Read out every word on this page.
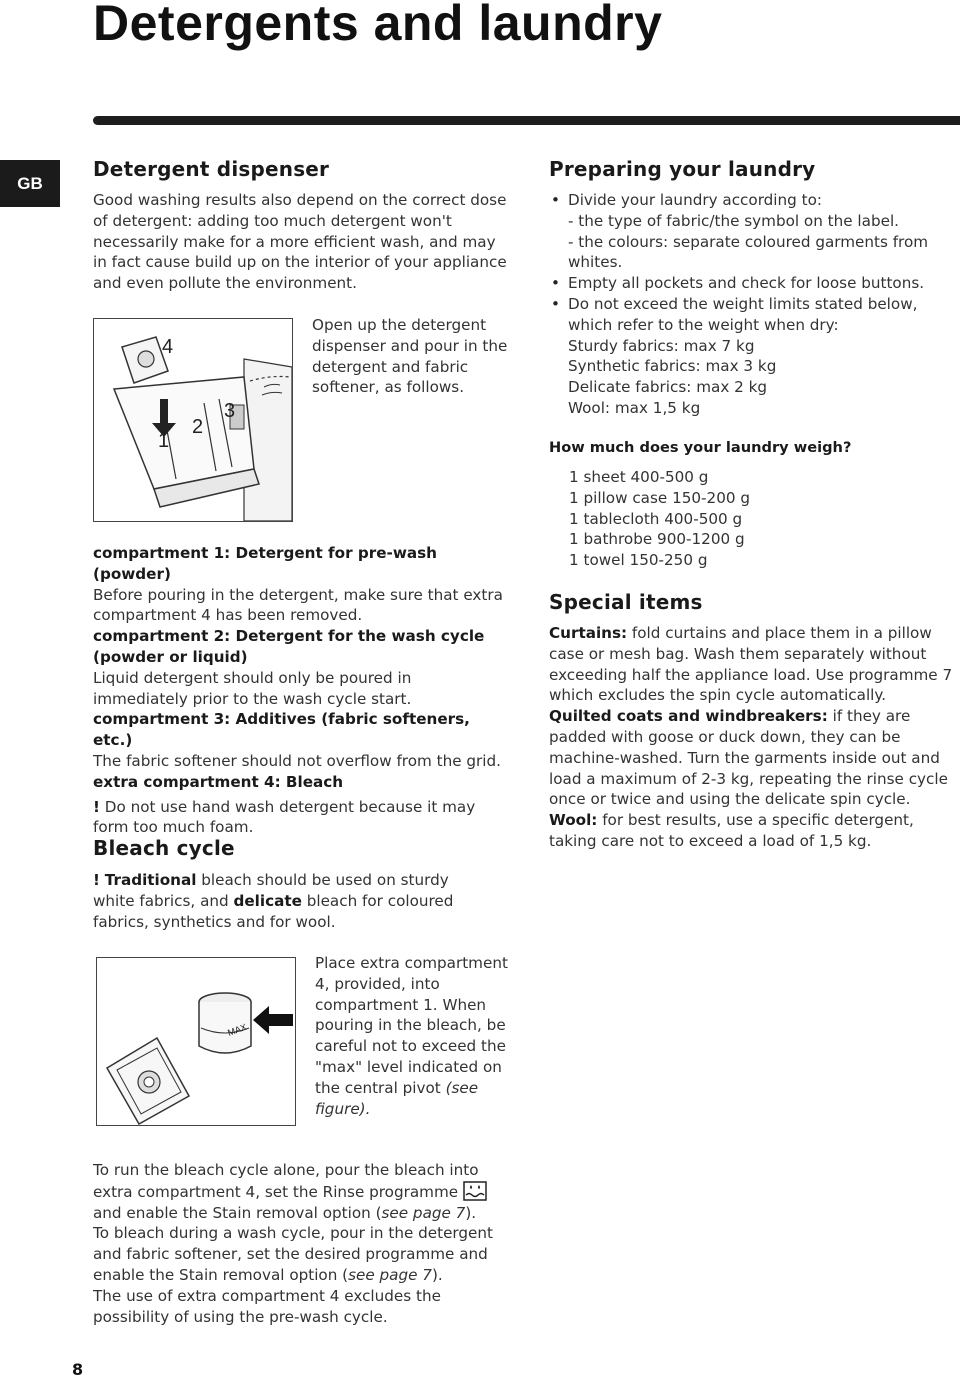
Detergents and laundry
GB
Detergent dispenser

Good washing results also depend on the correct dose of detergent: adding too much detergent won't necessarily make for a more efficient wash, and may in fact cause build up on the interior of your appliance and even pollute the environment.

4
1
2
3

Open up the detergent dispenser and pour in the detergent and fabric softener, as follows.

compartment 1: Detergent for pre-wash (powder)

Before pouring in the detergent, make sure that extra compartment 4 has been removed.

compartment 2: Detergent for the wash cycle (powder or liquid)

Liquid detergent should only be poured in immediately prior to the wash cycle start.

compartment 3: Additives (fabric softeners, etc.)

The fabric softener should not overflow from the grid.

extra compartment 4: Bleach

! Do not use hand wash detergent because it may form too much foam.

Bleach cycle

! Traditional bleach should be used on sturdy white fabrics, and delicate bleach for coloured fabrics, synthetics and for wool.

MAX

Place extra compartment 4, provided, into compartment 1. When pouring in the bleach, be careful not to exceed the "max" level indicated on the central pivot (see figure).

To run the bleach cycle alone, pour the bleach into extra compartment 4, set the Rinse programme  and enable the Stain removal option (see page 7).

To bleach during a wash cycle, pour in the detergent and fabric softener, set the desired programme and enable the Stain removal option (see page 7).

The use of extra compartment 4 excludes the possibility of using the pre-wash cycle.

Preparing your laundry
• Divide your laundry according to:
- the type of fabric/the symbol on the label.
- the colours: separate coloured garments from whites.
• Empty all pockets and check for loose buttons.
• Do not exceed the weight limits stated below, which refer to the weight when dry:
Sturdy fabrics: max 7 kg
Synthetic fabrics: max 3 kg
Delicate fabrics: max 2 kg
Wool: max 1,5 kg

How much does your laundry weigh?

1 sheet 400-500 g
1 pillow case 150-200 g
1 tablecloth 400-500 g
1 bathrobe 900-1200 g
1 towel 150-250 g
Special items

Curtains: fold curtains and place them in a pillow case or mesh bag. Wash them separately without exceeding half the appliance load. Use programme 7 which excludes the spin cycle automatically.

Quilted coats and windbreakers: if they are padded with goose or duck down, they can be machine-washed. Turn the garments inside out and load a maximum of 2-3 kg, repeating the rinse cycle once or twice and using the delicate spin cycle.

Wool: for best results, use a specific detergent, taking care not to exceed a load of 1,5 kg.

8
